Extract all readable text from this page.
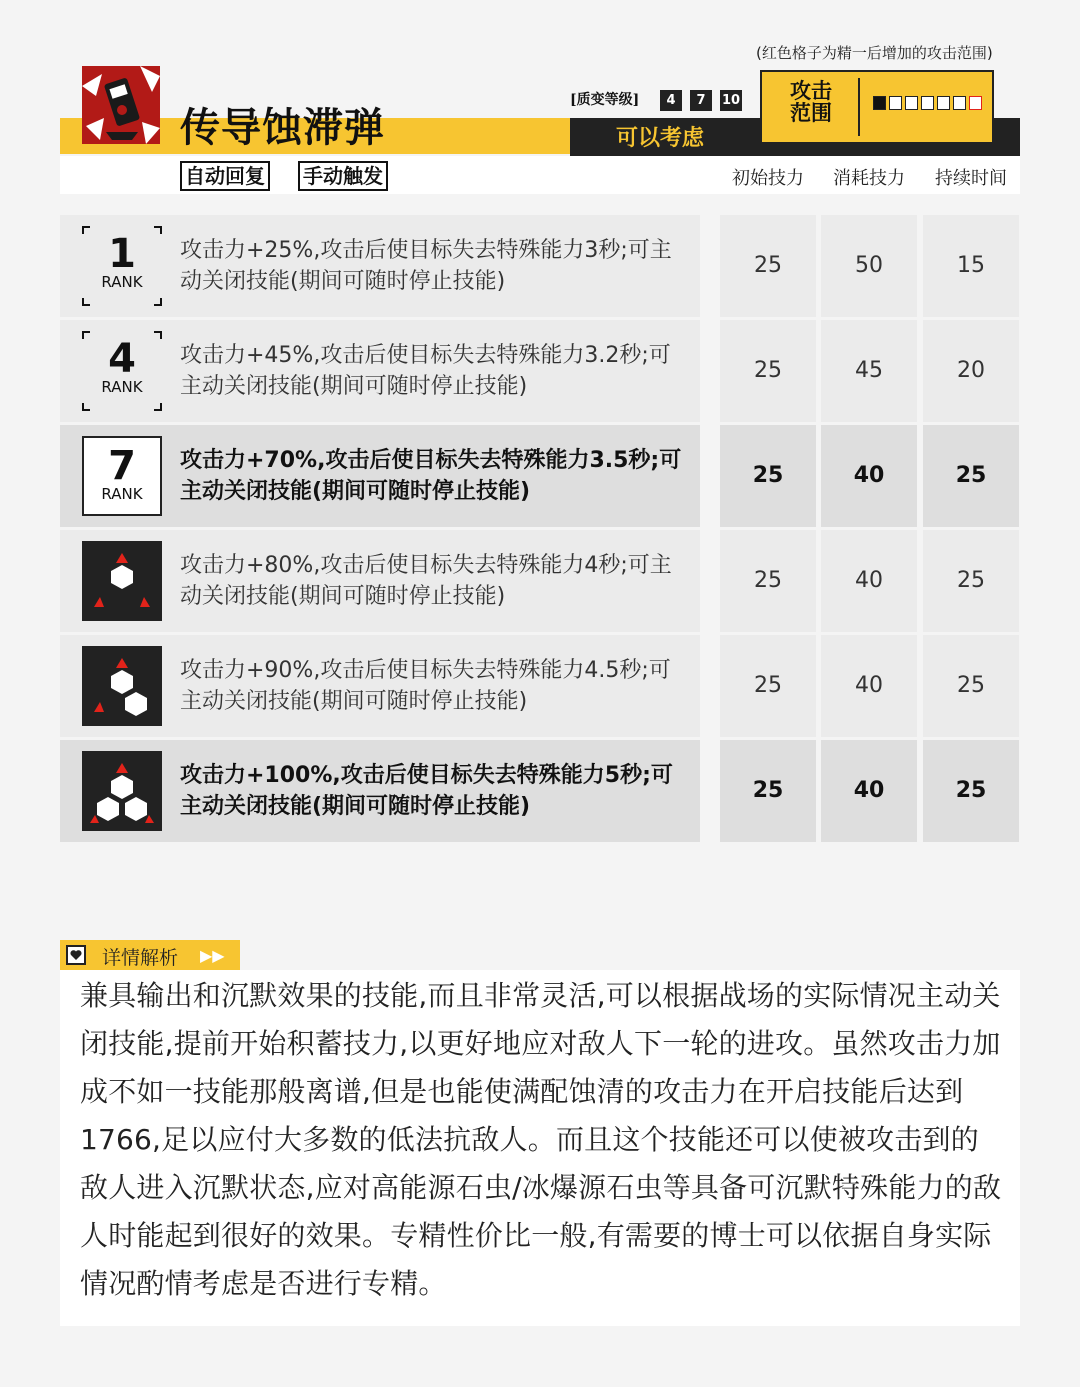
(红色格子为精一后增加的攻击范围)
传导蚀滞弹
自动回复 手动触发
[质变等级]	4	7	10
可以考虑
攻击
范围
初始技力	消耗技力	持续时间
1
RANK
攻击力+25%,攻击后使目标失去特殊能力3秒;可主动关闭技能(期间可随时停止技能)
25	50	15
4
RANK
攻击力+45%,攻击后使目标失去特殊能力3.2秒;可主动关闭技能(期间可随时停止技能)
25	45	20
7
RANK
攻击力+70%,攻击后使目标失去特殊能力3.5秒;可主动关闭技能(期间可随时停止技能)
25	40	25
攻击力+80%,攻击后使目标失去特殊能力4秒;可主动关闭技能(期间可随时停止技能)
25	40	25
攻击力+90%,攻击后使目标失去特殊能力4.5秒;可主动关闭技能(期间可随时停止技能)
25	40	25
攻击力+100%,攻击后使目标失去特殊能力5秒;可主动关闭技能(期间可随时停止技能)
25	40	25
详情解析 ▶▶
兼具输出和沉默效果的技能,而且非常灵活,可以根据战场的实际情况主动关闭技能,提前开始积蓄技力,以更好地应对敌人下一轮的进攻。虽然攻击力加成不如一技能那般离谱,但是也能使满配蚀清的攻击力在开启技能后达到1766,足以应付大多数的低法抗敌人。而且这个技能还可以使被攻击到的敌人进入沉默状态,应对高能源石虫/冰爆源石虫等具备可沉默特殊能力的敌人时能起到很好的效果。专精性价比一般,有需要的博士可以依据自身实际情况酌情考虑是否进行专精。
